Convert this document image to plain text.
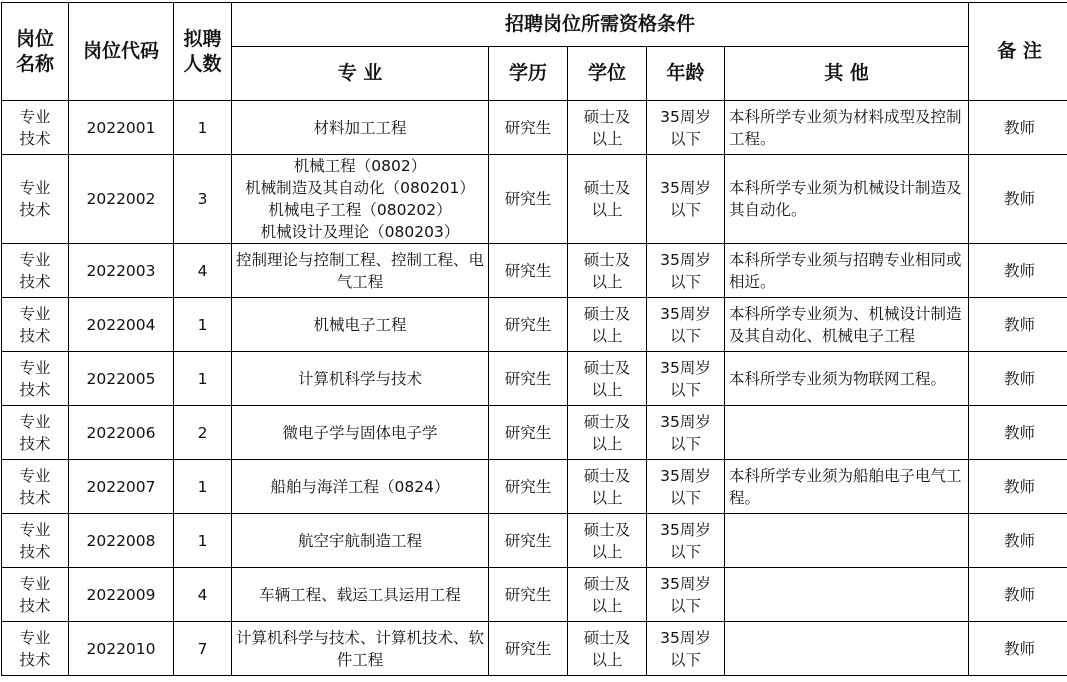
岗位名称	岗位代码	拟聘人数	招聘岗位所需资格条件					备 注
			专 业	学历	学位	年龄	其 他	
专业技术	2022001	1	材料加工工程	研究生	硕士及以上	35周岁以下	本科所学专业须为材料成型及控制工程。	教师
专业技术	2022002	3	机械工程（0802）
机械制造及其自动化（080201）
机械电子工程（080202）
机械设计及理论（080203）	研究生	硕士及以上	35周岁以下	本科所学专业须为机械设计制造及其自动化。	教师
专业技术	2022003	4	控制理论与控制工程、控制工程、电气工程	研究生	硕士及以上	35周岁以下	本科所学专业须与招聘专业相同或相近。	教师
专业技术	2022004	1	机械电子工程	研究生	硕士及以上	35周岁以下	本科所学专业须为、机械设计制造及其自动化、机械电子工程	教师
专业技术	2022005	1	计算机科学与技术	研究生	硕士及以上	35周岁以下	本科所学专业须为物联网工程。	教师
专业技术	2022006	2	微电子学与固体电子学	研究生	硕士及以上	35周岁以下		教师
专业技术	2022007	1	船舶与海洋工程（0824）	研究生	硕士及以上	35周岁以下	本科所学专业须为船舶电子电气工程。	教师
专业技术	2022008	1	航空宇航制造工程	研究生	硕士及以上	35周岁以下		教师
专业技术	2022009	4	车辆工程、载运工具运用工程	研究生	硕士及以上	35周岁以下		教师
专业技术	2022010	7	计算机科学与技术、计算机技术、软件工程	研究生	硕士及以上	35周岁以下		教师
